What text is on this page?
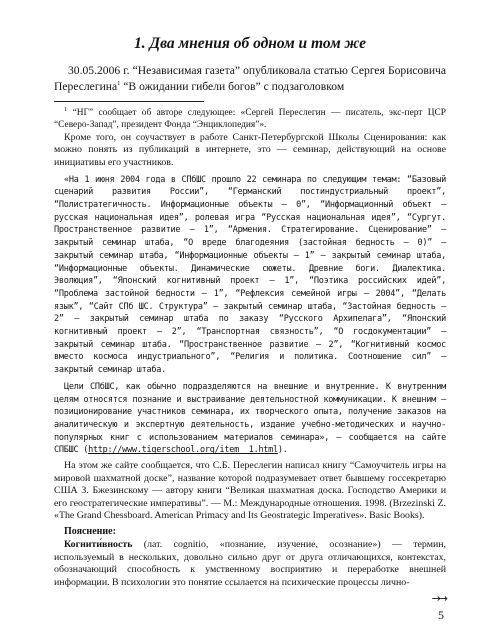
1. Два мнения об одном и том же

30.05.2006 г. “Независимая газета” опубликовала статью Сергея Борисовича Переслегина$^1$ “В ожидании гибели богов” с подзаголовком

$^1$ “НГ” сообщает об авторе следующее: «Сергей Переслегин — писатель, экс-перт ЦСР “Северо-Запад”, президент Фонда “Энциклопедия”».

Кроме того, он соучаствует в работе Санкт-Петербургской Школы Сценирования: как можно понять из публикаций в интернете, это — семинар, действующий на основе инициативы его участников.

«На 1 июня 2004 года в СПбШС прошло 22 семинара по следующим темам: “Базовый сценарий развития России”, “Германский постиндустриальный проект”, “Полистратегичность. Информационные объекты — 0”, “Информационный объект — русская национальная идея”, ролевая игра “Русская национальная идея”, “Сургут. Пространственное развитие — 1”, “Армения. Стратегирование. Сценирование” — закрытый семинар штаба, “О вреде благодеяния (застойная бедность — 0)” — закрытый семинар штаба, “Информационные объекты — 1” — закрытый семинар штаба, “Информационные объекты. Динамические сюжеты. Древние боги. Диалектика. Эволюция”, “Японский когнитивный проект — 1”, “Поэтика российских идей”, “Проблема застойной бедности — 1”, “Рефлексия семейной игры — 2004”, “Делать язык”, “Сайт СПб ШС. Структура” — закрытый семинар штаба, “Застойная бедность — 2” — закрытый семинар штаба по заказу “Русского Архипелага”, “Японский когнитивный проект — 2”, “Транспортная связность”, “О госдокументации” — закрытый семинар штаба. “Пространственное развитие — 2”, “Когнитивный космос вместо космоса индустриального”, “Религия и политика. Соотношение сил” — закрытый семинар штаба.

Цели СПбШС, как обычно подразделяются на внешние и внутренние. К внутренним целям относятся познание и выстраивание деятельностной коммуникации. К внешним — позиционирование участников семинара, их творческого опыта, получение заказов на аналитическую и экспертную деятельность, издание учебно-методических и научно-популярных книг с использованием материалов семинара», — сообщается на сайте СПБШС (http://www.tigerschool.org/item__1.html).

На этом же сайте сообщается, что С.Б. Переслегин написал книгу “Самоучитель игры на мировой шахматной доске”, название которой подразумевает ответ бывшему госсекретарю США З. Бжезинскому — автору книги “Великая шахматная доска. Господство Америки и его геостратегические императивы”. — М.: Международные отношения. 1998. (Brzezinski Z. «The Grand Chessboard. American Primacy and Its Geostrategic Imperatives». Basic Books).

Пояснение:

Когнити́вность (лат. cognitio, «познание, изучение, осознание») — термин, используемый в нескольких, довольно сильно друг от друга отличающихся, контекстах, обозначающий способность к умственному восприятию и переработке внешней информации. В психологии это понятие ссылается на психические процессы лично-

→→
5
